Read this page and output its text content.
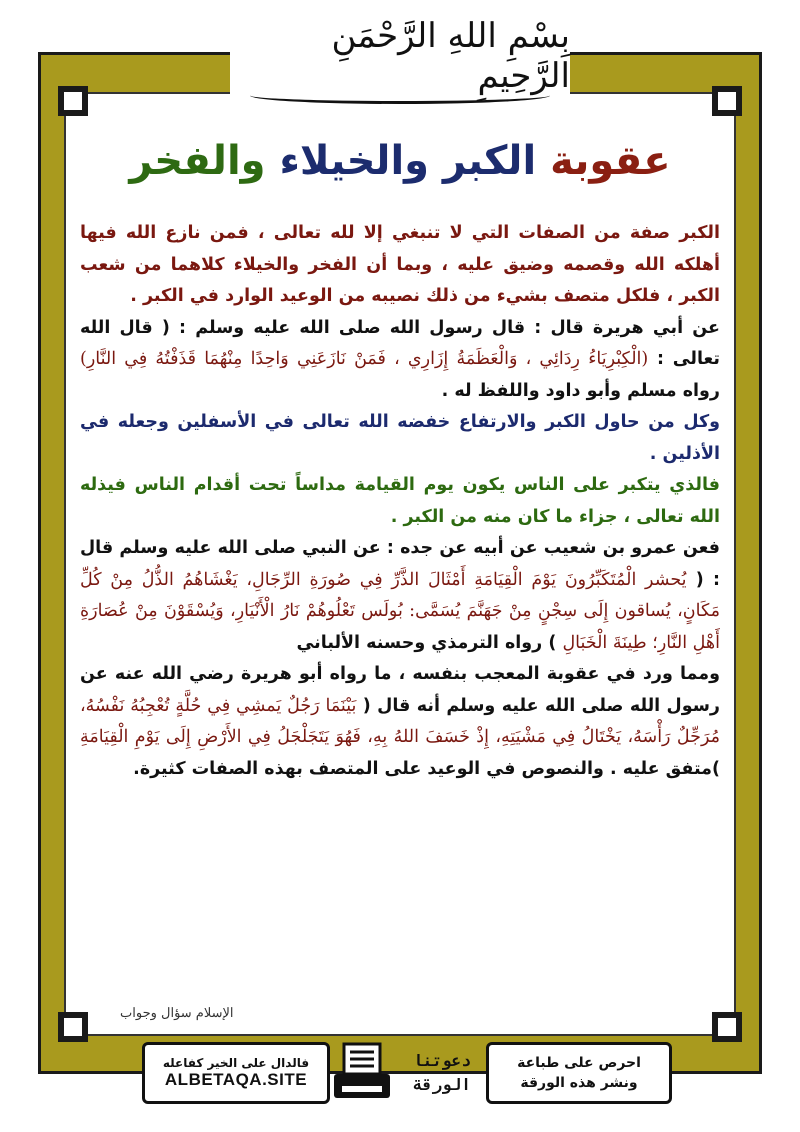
بِسْمِ اللهِ الرَّحْمَنِ الرَّحِيمِ
عقوبة الكبر والخيلاء والفخر

الكبر صفة من الصفات التي لا تنبغي إلا لله تعالى ، فمن نازع الله فيها أهلكه الله وقصمه وضيق عليه ، وبما أن الفخر والخيلاء كلاهما من شعب الكبر ، فلكل متصف بشيء من ذلك نصيبه من الوعيد الوارد في الكبر .

عن أبي هريرة قال : قال رسول الله صلى الله عليه وسلم : ( قال الله تعالى : (الْكِبْرِيَاءُ رِدَائِي ، وَالْعَظَمَةُ إِزَارِي ، فَمَنْ نَازَعَنِي وَاحِدًا مِنْهُمَا قَذَفْتُهُ فِي النَّارِ) رواه مسلم وأبو داود واللفظ له .

وكل من حاول الكبر والارتفاع خفضه الله تعالى في الأسفلين وجعله في الأذلين .

فالذي يتكبر على الناس يكون يوم القيامة مداساً تحت أقدام الناس فيذله الله تعالى ، جزاء ما كان منه من الكبر .

فعن عمرو بن شعيب عن أبيه عن جده : عن النبي صلى الله عليه وسلم قال : ( يُحشر الْمُتَكَبِّرُونَ يَوْمَ الْقِيَامَةِ أَمْثَالَ الذَّرِّ فِي صُورَةِ الرِّجَالِ، يَغْشَاهُمُ الذُّلُ مِنْ كُلِّ مَكَانٍ، يُساقون إِلَى سِجْنٍ مِنْ جَهَنَّمَ يُسَمَّى: بُولَس تَعْلُوهُمْ نَارُ الْأَنْيَارِ، وَيُسْقَوْنَ مِنْ عُصَارَةِ أَهْلِ النَّارِ؛ طِينَةَ الْخَبَالِ ) رواه الترمذي وحسنه الألباني

ومما ورد في عقوبة المعجب بنفسه ، ما رواه أبو هريرة رضي الله عنه عن رسول الله صلى الله عليه وسلم أنه قال ( بَيْنَمَا رَجُلٌ يَمشِي فِي حُلَّةٍ تُعْجِبُهُ نَفْسُهُ، مُرَجِّلٌ رَأْسَهُ، يَخْتَالُ فِي مَشْيَتِهِ، إِذْ خَسَفَ اللهُ بِهِ، فَهُوَ يَتَجَلْجَلُ فِي الأَرْضِ إِلَى يَوْمِ الْقِيَامَةِ )متفق عليه . والنصوص في الوعيد على المتصف بهذه الصفات كثيرة.

الإسلام سؤال وجواب
فالدال على الخير كفاعله
ALBETAQA.SITE
دعوتنا
الورقة
احرص على طباعة
ونشر هذه الورقة
